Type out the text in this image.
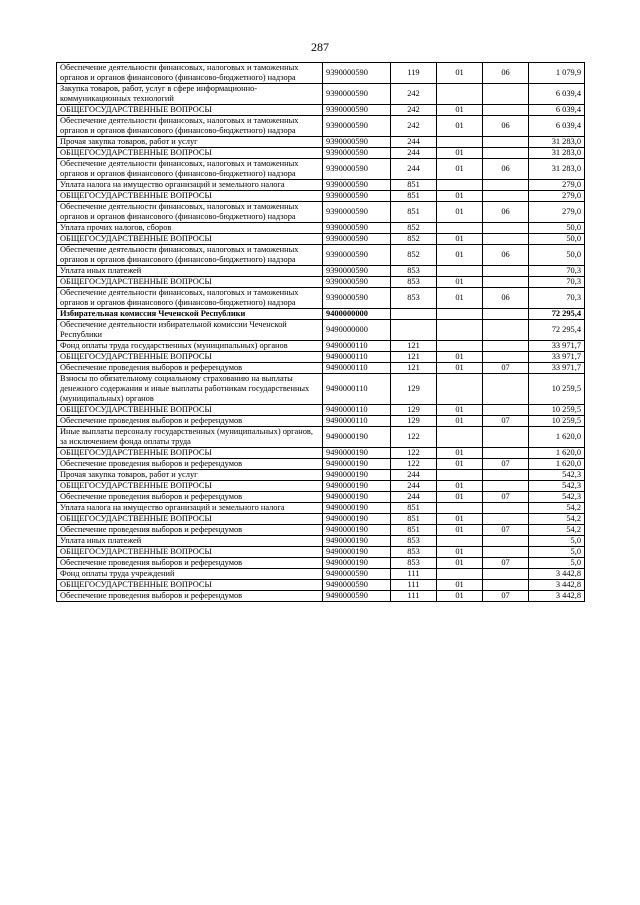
287
Обеспечение деятельности финансовых, налоговых и таможенных органов и органов финансового (финансово-бюджетного) надзора	9390000590	119	01	06	1 079,9
Закупка товаров, работ, услуг в сфере информационно-коммуникационных технологий	9390000590	242			6 039,4
ОБЩЕГОСУДАРСТВЕННЫЕ ВОПРОСЫ	9390000590	242	01		6 039,4
Обеспечение деятельности финансовых, налоговых и таможенных органов и органов финансового (финансово-бюджетного) надзора	9390000590	242	01	06	6 039,4
Прочая закупка товаров, работ и услуг	9390000590	244			31 283,0
ОБЩЕГОСУДАРСТВЕННЫЕ ВОПРОСЫ	9390000590	244	01		31 283,0
Обеспечение деятельности финансовых, налоговых и таможенных органов и органов финансового (финансово-бюджетного) надзора	9390000590	244	01	06	31 283,0
Уплата налога на имущество организаций и земельного налога	9390000590	851			279,0
ОБЩЕГОСУДАРСТВЕННЫЕ ВОПРОСЫ	9390000590	851	01		279,0
Обеспечение деятельности финансовых, налоговых и таможенных органов и органов финансового (финансово-бюджетного) надзора	9390000590	851	01	06	279,0
Уплата прочих налогов, сборов	9390000590	852			50,0
ОБЩЕГОСУДАРСТВЕННЫЕ ВОПРОСЫ	9390000590	852	01		50,0
Обеспечение деятельности финансовых, налоговых и таможенных органов и органов финансового (финансово-бюджетного) надзора	9390000590	852	01	06	50,0
Уплата иных платежей	9390000590	853			70,3
ОБЩЕГОСУДАРСТВЕННЫЕ ВОПРОСЫ	9390000590	853	01		70,3
Обеспечение деятельности финансовых, налоговых и таможенных органов и органов финансового (финансово-бюджетного) надзора	9390000590	853	01	06	70,3
Избирательная комиссия Чеченской Республики	9400000000				72 295,4
Обеспечение деятельности избирательной комиссии Чеченской Республики	9490000000				72 295,4
Фонд оплаты труда государственных (муниципальных) органов	9490000110	121			33 971,7
ОБЩЕГОСУДАРСТВЕННЫЕ ВОПРОСЫ	9490000110	121	01		33 971,7
Обеспечение проведения выборов и референдумов	9490000110	121	01	07	33 971,7
Взносы по обязательному социальному страхованию на выплаты денежного содержания и иные выплаты работникам государственных (муниципальных) органов	9490000110	129			10 259,5
ОБЩЕГОСУДАРСТВЕННЫЕ ВОПРОСЫ	9490000110	129	01		10 259,5
Обеспечение проведения выборов и референдумов	9490000110	129	01	07	10 259,5
Иные выплаты персоналу государственных (муниципальных) органов, за исключением фонда оплаты труда	9490000190	122			1 620,0
ОБЩЕГОСУДАРСТВЕННЫЕ ВОПРОСЫ	9490000190	122	01		1 620,0
Обеспечение проведения выборов и референдумов	9490000190	122	01	07	1 620,0
Прочая закупка товаров, работ и услуг	9490000190	244			542,3
ОБЩЕГОСУДАРСТВЕННЫЕ ВОПРОСЫ	9490000190	244	01		542,3
Обеспечение проведения выборов и референдумов	9490000190	244	01	07	542,3
Уплата налога на имущество организаций и земельного налога	9490000190	851			54,2
ОБЩЕГОСУДАРСТВЕННЫЕ ВОПРОСЫ	9490000190	851	01		54,2
Обеспечение проведения выборов и референдумов	9490000190	851	01	07	54,2
Уплата иных платежей	9490000190	853			5,0
ОБЩЕГОСУДАРСТВЕННЫЕ ВОПРОСЫ	9490000190	853	01		5,0
Обеспечение проведения выборов и референдумов	9490000190	853	01	07	5,0
Фонд оплаты труда учреждений	9490000590	111			3 442,8
ОБЩЕГОСУДАРСТВЕННЫЕ ВОПРОСЫ	9490000590	111	01		3 442,8
Обеспечение проведения выборов и референдумов	9490000590	111	01	07	3 442,8
